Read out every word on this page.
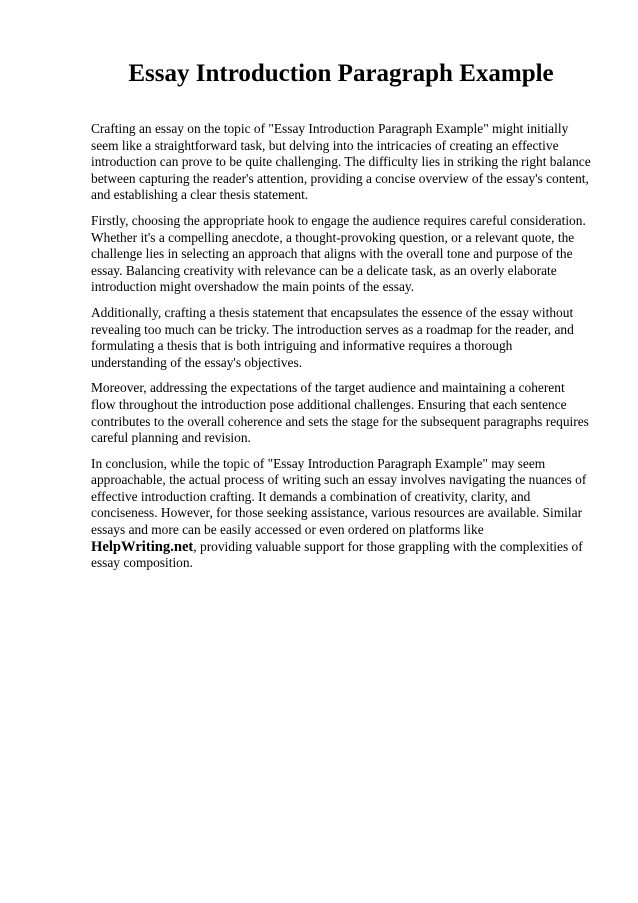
Essay Introduction Paragraph Example

Crafting an essay on the topic of "Essay Introduction Paragraph Example" might initially seem like a straightforward task, but delving into the intricacies of creating an effective introduction can prove to be quite challenging. The difficulty lies in striking the right balance between capturing the reader's attention, providing a concise overview of the essay's content, and establishing a clear thesis statement.

Firstly, choosing the appropriate hook to engage the audience requires careful consideration. Whether it's a compelling anecdote, a thought-provoking question, or a relevant quote, the challenge lies in selecting an approach that aligns with the overall tone and purpose of the essay. Balancing creativity with relevance can be a delicate task, as an overly elaborate introduction might overshadow the main points of the essay.

Additionally, crafting a thesis statement that encapsulates the essence of the essay without revealing too much can be tricky. The introduction serves as a roadmap for the reader, and formulating a thesis that is both intriguing and informative requires a thorough understanding of the essay's objectives.

Moreover, addressing the expectations of the target audience and maintaining a coherent flow throughout the introduction pose additional challenges. Ensuring that each sentence contributes to the overall coherence and sets the stage for the subsequent paragraphs requires careful planning and revision.

In conclusion, while the topic of "Essay Introduction Paragraph Example" may seem approachable, the actual process of writing such an essay involves navigating the nuances of effective introduction crafting. It demands a combination of creativity, clarity, and conciseness. However, for those seeking assistance, various resources are available. Similar essays and more can be easily accessed or even ordered on platforms like HelpWriting.net, providing valuable support for those grappling with the complexities of essay composition.
